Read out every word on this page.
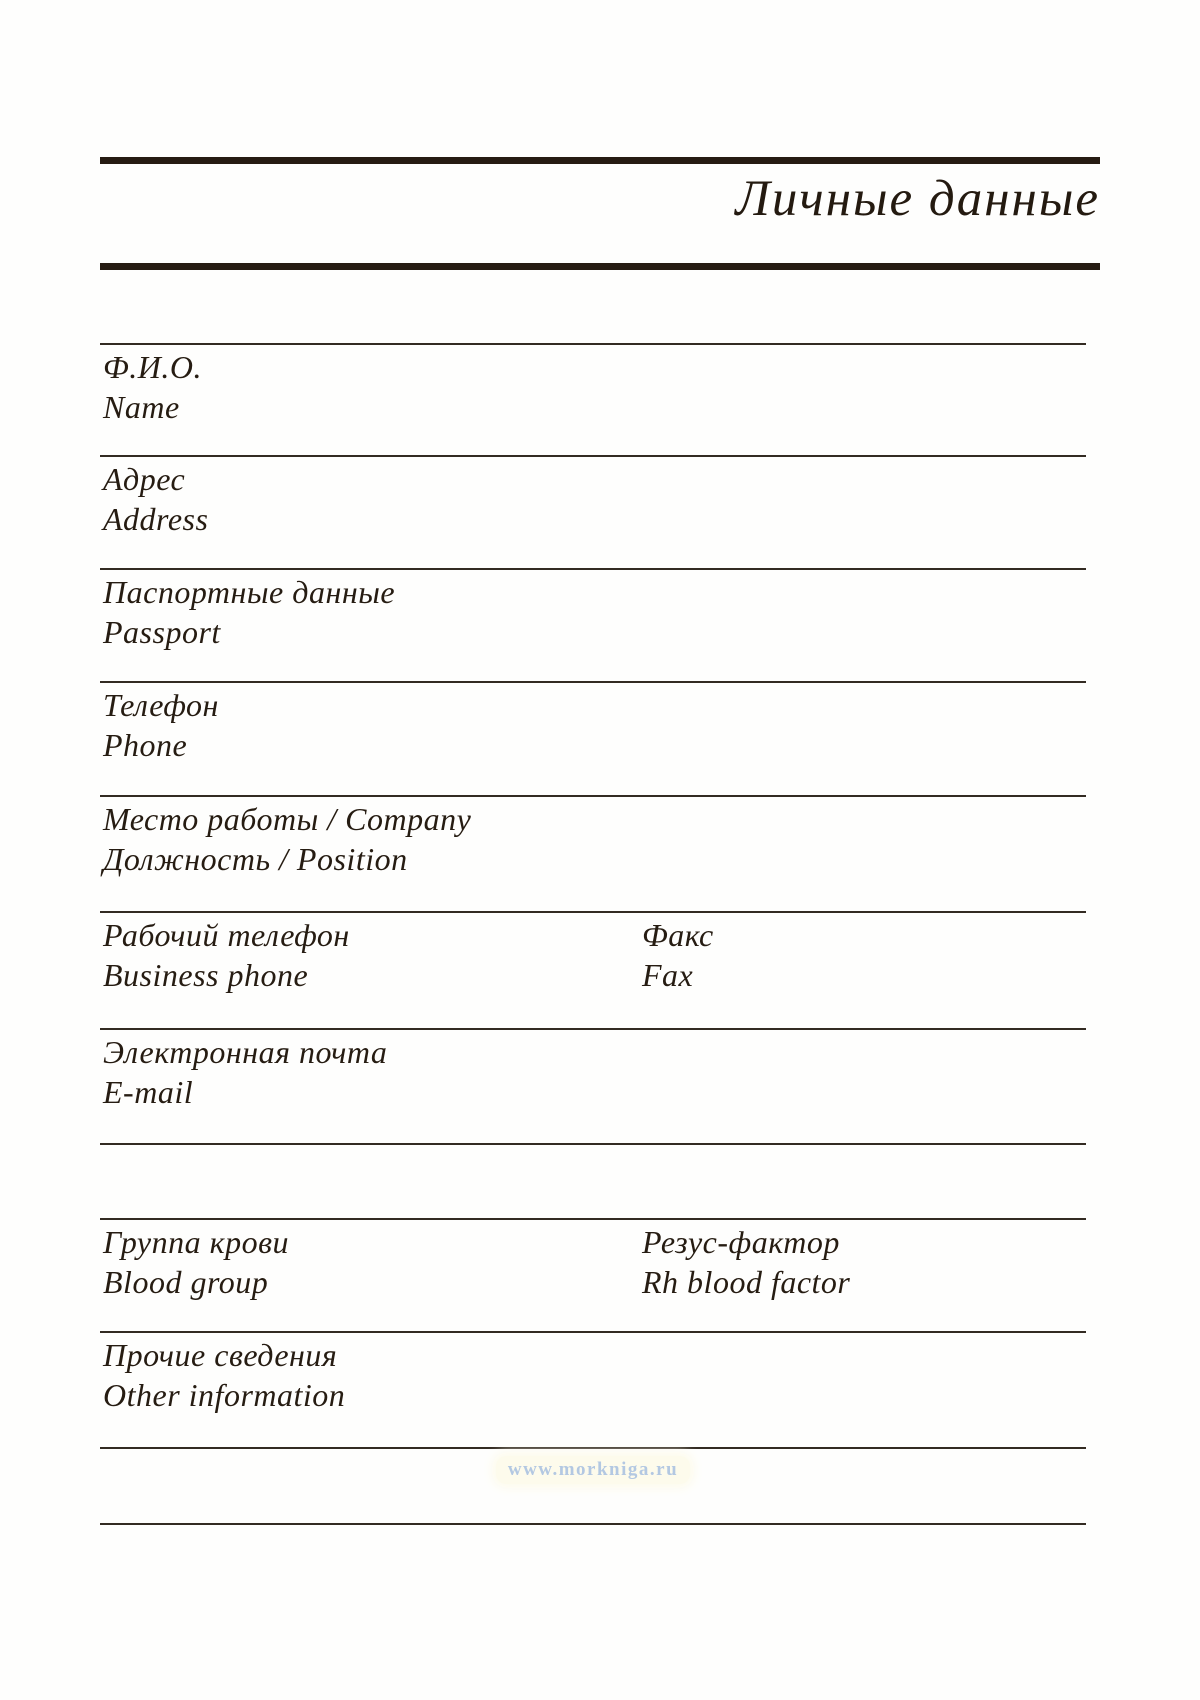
Личные данные
Ф.И.О.
Name
Адрес
Address
Паспортные данные
Passport
Телефон
Phone
Место работы / Company
Должность / Position
Рабочий телефон	Факс
Business phone	Fax
Электронная почта
E-mail
Группа крови	Резус-фактор
Blood group	Rh blood factor
Прочие сведения
Other information
www.morkniga.ru
